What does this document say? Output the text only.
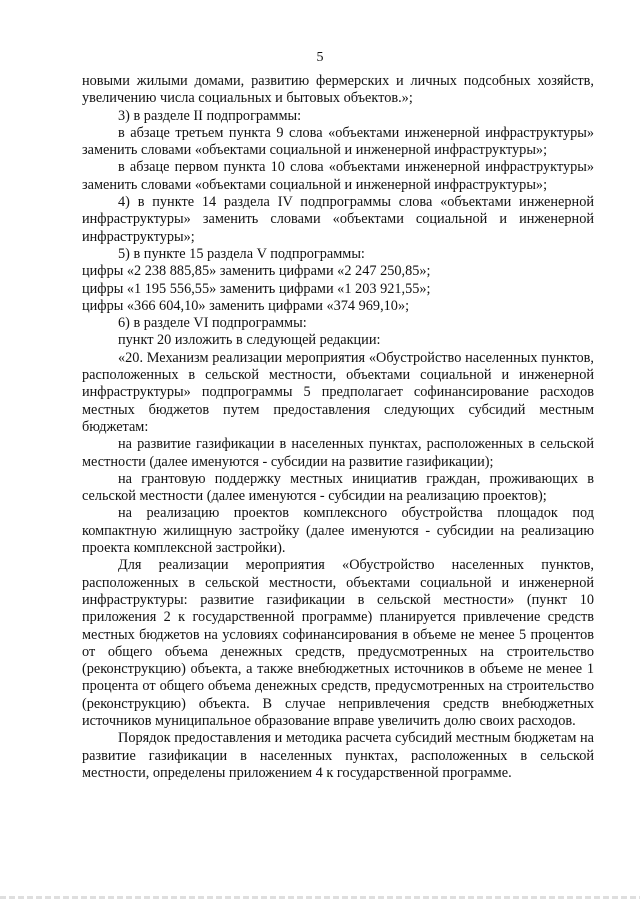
5

новыми жилыми домами, развитию фермерских и личных подсобных хозяйств, увеличению числа социальных и бытовых объектов.»;

3) в разделе II подпрограммы:

в абзаце третьем пункта 9 слова «объектами инженерной инфраструктуры» заменить словами «объектами социальной и инженерной инфраструктуры»;

в абзаце первом пункта 10 слова «объектами инженерной инфраструктуры» заменить словами «объектами социальной и инженерной инфраструктуры»;

4) в пункте 14 раздела IV подпрограммы слова «объектами инженерной инфраструктуры» заменить словами «объектами социальной и инженерной инфраструктуры»;

5) в пункте 15 раздела V подпрограммы:

цифры «2 238 885,85» заменить цифрами «2 247 250,85»;

цифры «1 195 556,55» заменить цифрами «1 203 921,55»;

цифры «366 604,10» заменить цифрами «374 969,10»;

6) в разделе VI подпрограммы:

пункт 20 изложить в следующей редакции:

«20. Механизм реализации мероприятия «Обустройство населенных пунктов, расположенных в сельской местности, объектами социальной и инженерной инфраструктуры» подпрограммы 5 предполагает софинансирование расходов местных бюджетов путем предоставления следующих субсидий местным бюджетам:

на развитие газификации в населенных пунктах, расположенных в сельской местности (далее именуются - субсидии на развитие газификации);

на грантовую поддержку местных инициатив граждан, проживающих в сельской местности (далее именуются - субсидии на реализацию проектов);

на реализацию проектов комплексного обустройства площадок под компактную жилищную застройку (далее именуются - субсидии на реализацию проекта комплексной застройки).

Для реализации мероприятия «Обустройство населенных пунктов, расположенных в сельской местности, объектами социальной и инженерной инфраструктуры: развитие газификации в сельской местности» (пункт 10 приложения 2 к государственной программе) планируется привлечение средств местных бюджетов на условиях софинансирования в объеме не менее 5 процентов от общего объема денежных средств, предусмотренных на строительство (реконструкцию) объекта, а также внебюджетных источников в объеме не менее 1 процента от общего объема денежных средств, предусмотренных на строительство (реконструкцию) объекта. В случае непривлечения средств внебюджетных источников муниципальное образование вправе увеличить долю своих расходов.

Порядок предоставления и методика расчета субсидий местным бюджетам на развитие газификации в населенных пунктах, расположенных в сельской местности, определены приложением 4 к государственной программе.
